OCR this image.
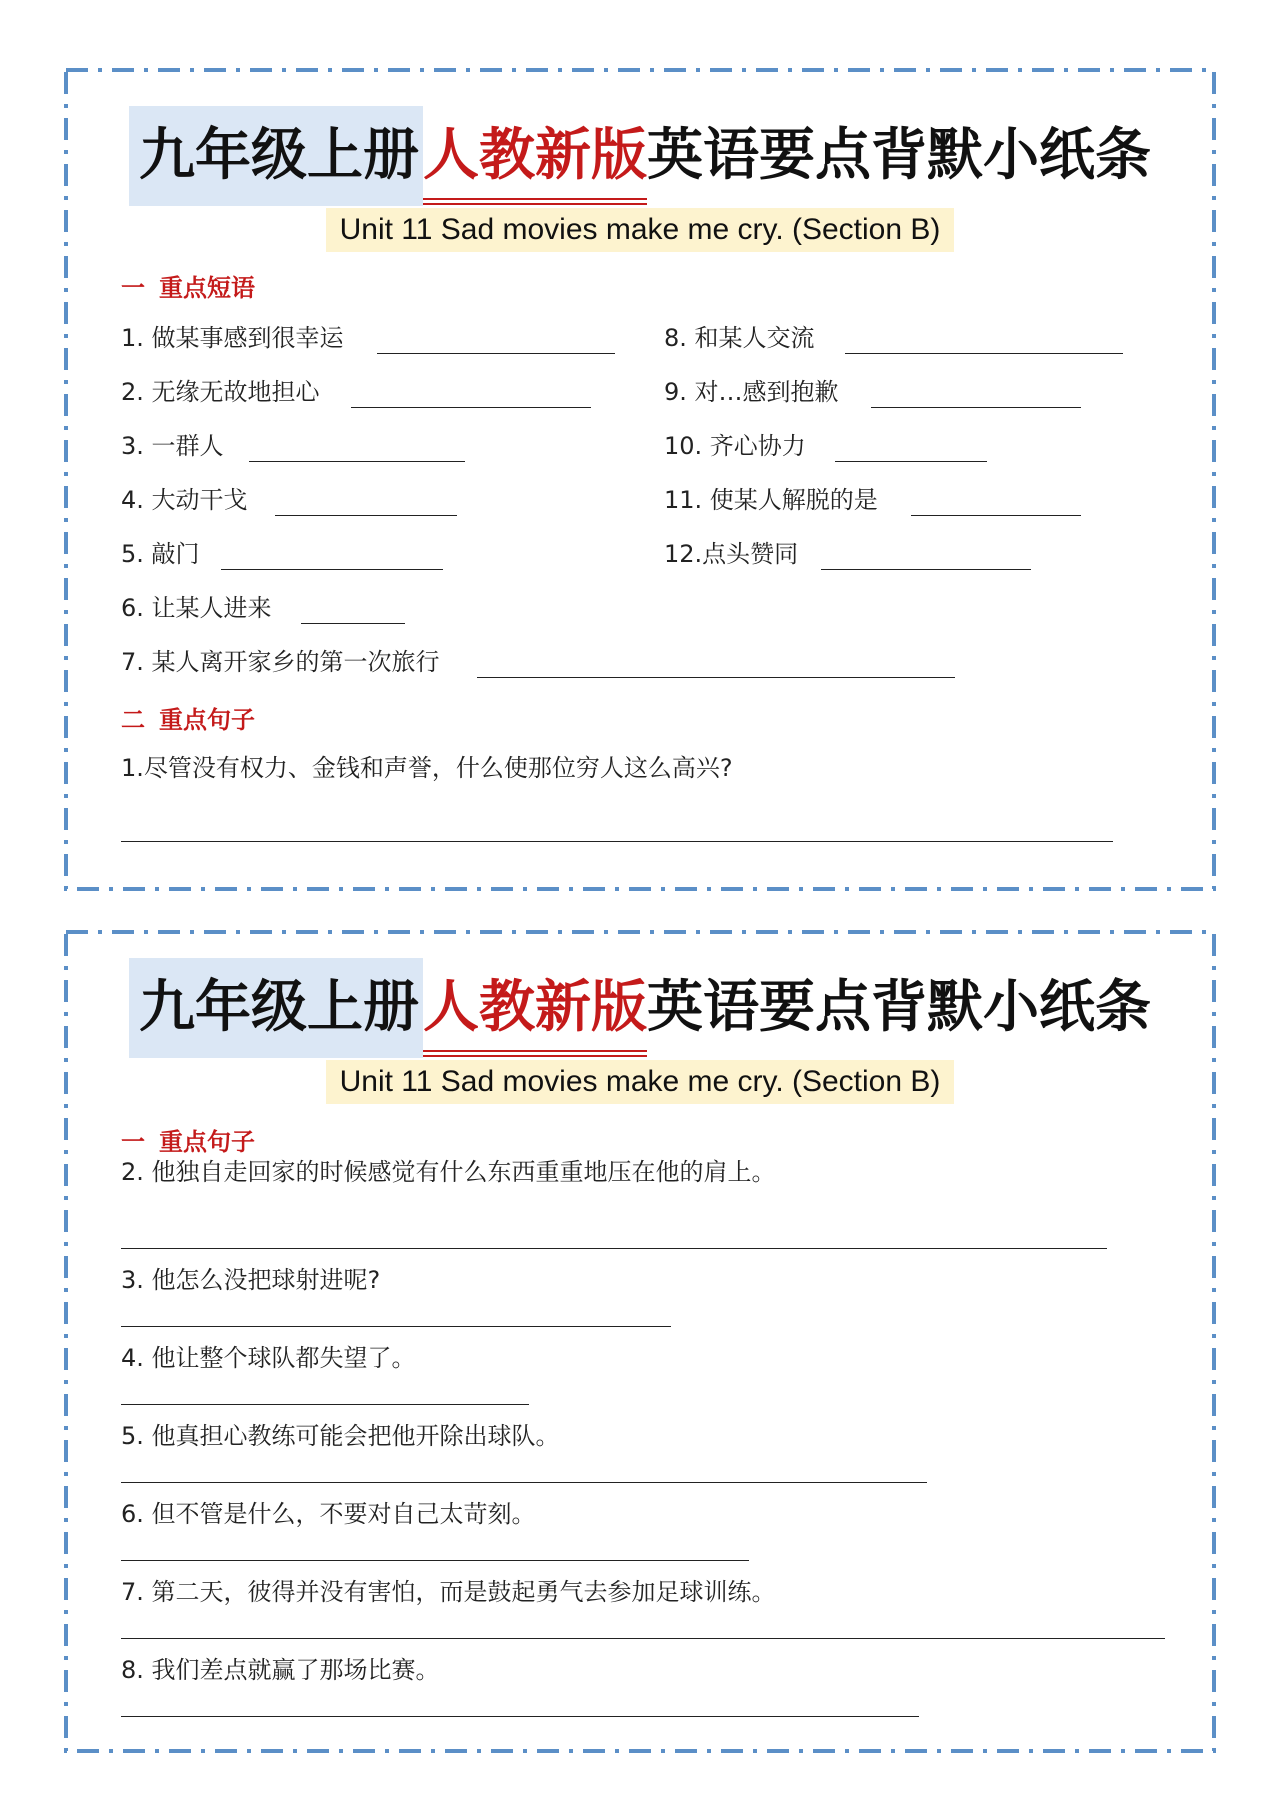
九年级上册人教新版英语要点背默小纸条
Unit 11 Sad movies make me cry. (Section B)
一 重点短语
1. 做某事感到很幸运
2. 无缘无故地担心
3. 一群人
4. 大动干戈
5. 敲门
6. 让某人进来
7. 某人离开家乡的第一次旅行
8. 和某人交流
9. 对…感到抱歉
10. 齐心协力
11. 使某人解脱的是
12.点头赞同
二 重点句子
1.尽管没有权力、金钱和声誉，什么使那位穷人这么高兴?
九年级上册人教新版英语要点背默小纸条
Unit 11 Sad movies make me cry. (Section B)
一 重点句子
2. 他独自走回家的时候感觉有什么东西重重地压在他的肩上。
3. 他怎么没把球射进呢?
4. 他让整个球队都失望了。
5. 他真担心教练可能会把他开除出球队。
6. 但不管是什么，不要对自己太苛刻。
7. 第二天，彼得并没有害怕，而是鼓起勇气去参加足球训练。
8. 我们差点就赢了那场比赛。
